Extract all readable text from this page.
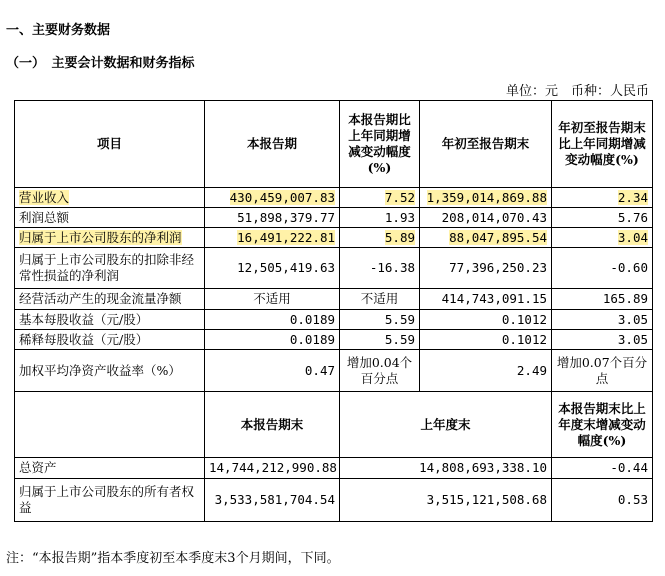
一、主要财务数据
（一）　主要会计数据和财务指标
单位：元　币种：人民币
项目	本报告期	本报告期比上年同期增减变动幅度(%)	年初至报告期末	年初至报告期末比上年同期增减变动幅度(%)
营业收入	430,459,007.83	7.52	1,359,014,869.88	2.34
利润总额	51,898,379.77	1.93	208,014,070.43	5.76
归属于上市公司股东的净利润	16,491,222.81	5.89	88,047,895.54	3.04
归属于上市公司股东的扣除非经常性损益的净利润	12,505,419.63	-16.38	77,396,250.23	-0.60
经营活动产生的现金流量净额	不适用	不适用	414,743,091.15	165.89
基本每股收益（元/股）	0.0189	5.59	0.1012	3.05
稀释每股收益（元/股）	0.0189	5.59	0.1012	3.05
加权平均净资产收益率（%）	0.47	增加0.04个百分点	2.49	增加0.07个百分点
	本报告期末	上年度末		本报告期末比上年度末增减变动幅度(%)
总资产	14,744,212,990.88	14,808,693,338.10		-0.44
归属于上市公司股东的所有者权益	3,533,581,704.54	3,515,121,508.68		0.53
注：“本报告期”指本季度初至本季度末3个月期间，下同。
